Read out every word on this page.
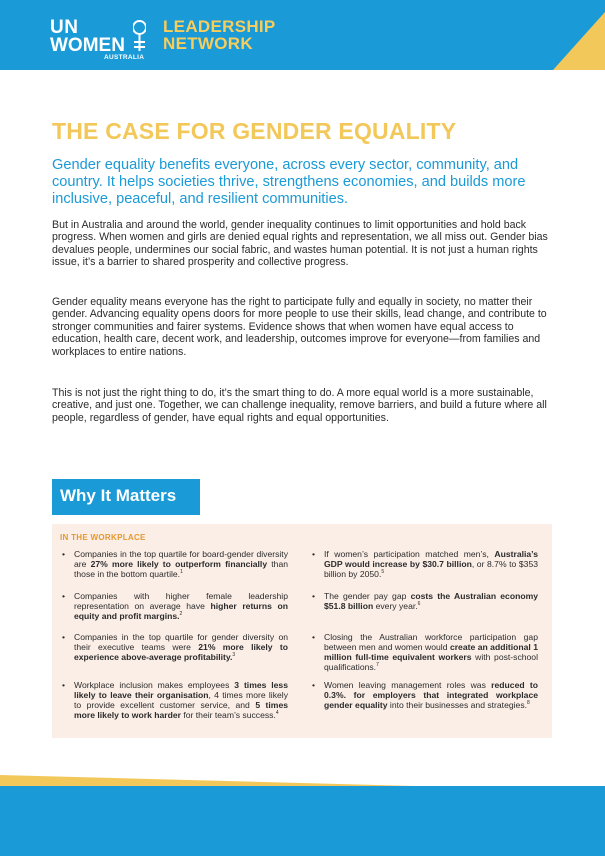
UN
WOMEN
AUSTRALIA
LEADERSHIP
NETWORK
THE CASE FOR GENDER EQUALITY
Gender equality benefits everyone, across every sector, community, and country. It helps societies thrive, strengthens economies, and builds more inclusive, peaceful, and resilient communities.
But in Australia and around the world, gender inequality continues to limit opportunities and hold back progress. When women and girls are denied equal rights and representation, we all miss out. Gender bias devalues people, undermines our social fabric, and wastes human potential. It is not just a human rights issue, it’s a barrier to shared prosperity and collective progress.
Gender equality means everyone has the right to participate fully and equally in society, no matter their gender. Advancing equality opens doors for more people to use their skills, lead change, and contribute to stronger communities and fairer systems. Evidence shows that when women have equal access to education, health care, decent work, and leadership, outcomes improve for everyone—from families and workplaces to entire nations.
This is not just the right thing to do, it’s the smart thing to do. A more equal world is a more sustainable, creative, and just one. Together, we can challenge inequality, remove barriers, and build a future where all people, regardless of gender, have equal rights and equal opportunities.
Why It Matters
IN THE WORKPLACE
• Companies in the top quartile for board-gender diversity are 27% more likely to outperform financially than those in the bottom quartile.$^1$
• Companies with higher female leadership representation on average have higher returns on equity and profit margins.$^2$
• Companies in the top quartile for gender diversity on their executive teams were 21% more likely to experience above-average profitability.$^3$
• Workplace inclusion makes employees 3 times less likely to leave their organisation, 4 times more likely to provide excellent customer service, and 5 times more likely to work harder for their team’s success.$^4$
• If women’s participation matched men’s, Australia’s GDP would increase by $30.7 billion, or 8.7% to $353 billion by 2050.$^5$
• The gender pay gap costs the Australian economy $51.8 billion every year.$^6$
• Closing the Australian workforce participation gap between men and women would create an additional 1 million full-time equivalent workers with post-school qualifications.$^7$
• Women leaving management roles was reduced to 0.3%. for employers that integrated workplace gender equality into their businesses and strategies.$^8$
